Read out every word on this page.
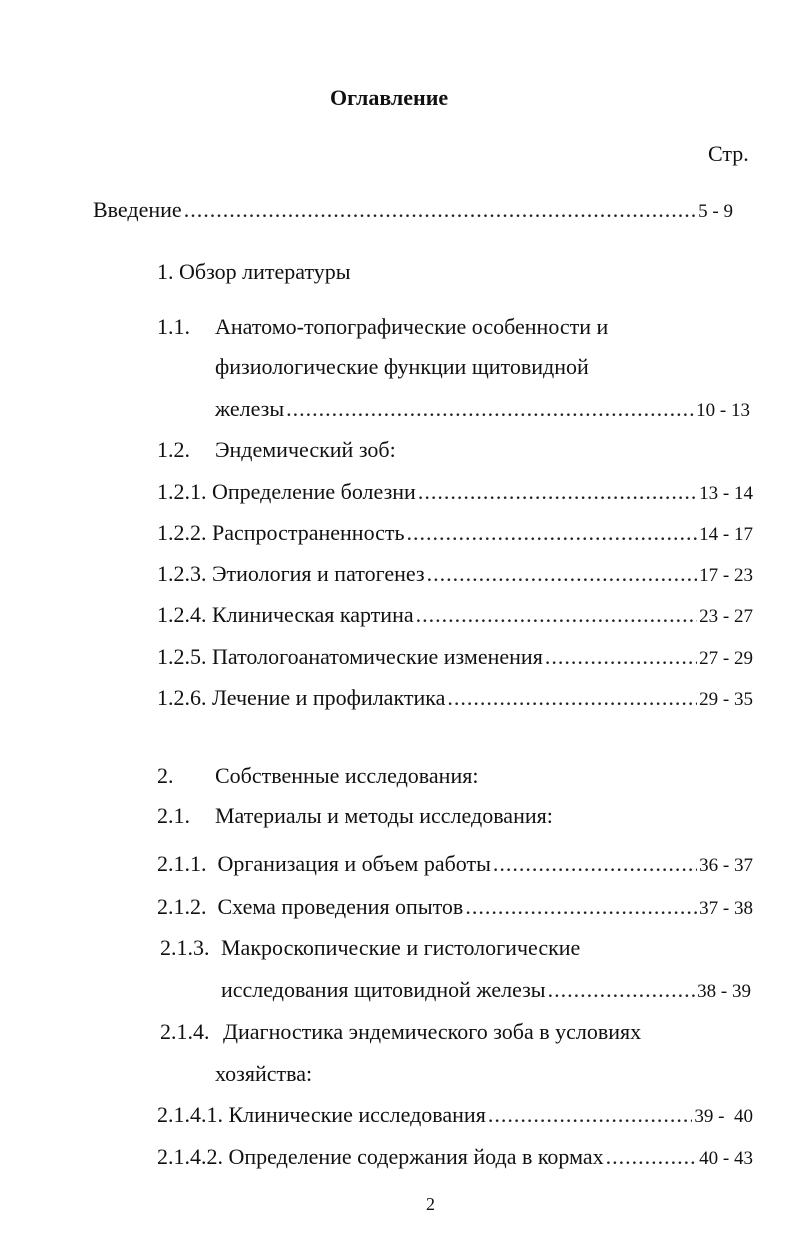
Оглавление
Стр.
Введение .....	5 - 9
1. Обзор литературы
1.1. Анатомо-топографические особенности и
физиологические функции щитовидной
железы .....	10 - 13
1.2. Эндемический зоб:
1.2.1. Определение болезни .....	13 - 14
1.2.2. Распространенность .....	14 - 17
1.2.3. Этиология и патогенез .....	17 - 23
1.2.4. Клиническая картина .....	23 - 27
1.2.5. Патологоанатомические изменения .....	27 - 29
1.2.6. Лечение и профилактика .....	29 - 35
2. Собственные исследования:
2.1. Материалы и методы исследования:
2.1.1.  Организация и объем работы .....	36 - 37
2.1.2.  Схема проведения опытов .....	37 - 38
2.1.3. Макроскопические и гистологические
исследования щитовидной железы .....	38 - 39
2.1.4. Диагностика эндемического зоба в условиях
хозяйства:
2.1.4.1. Клинические исследования .....	39 -  40
2.1.4.2. Определение содержания йода в кормах .....	40 - 43
2
